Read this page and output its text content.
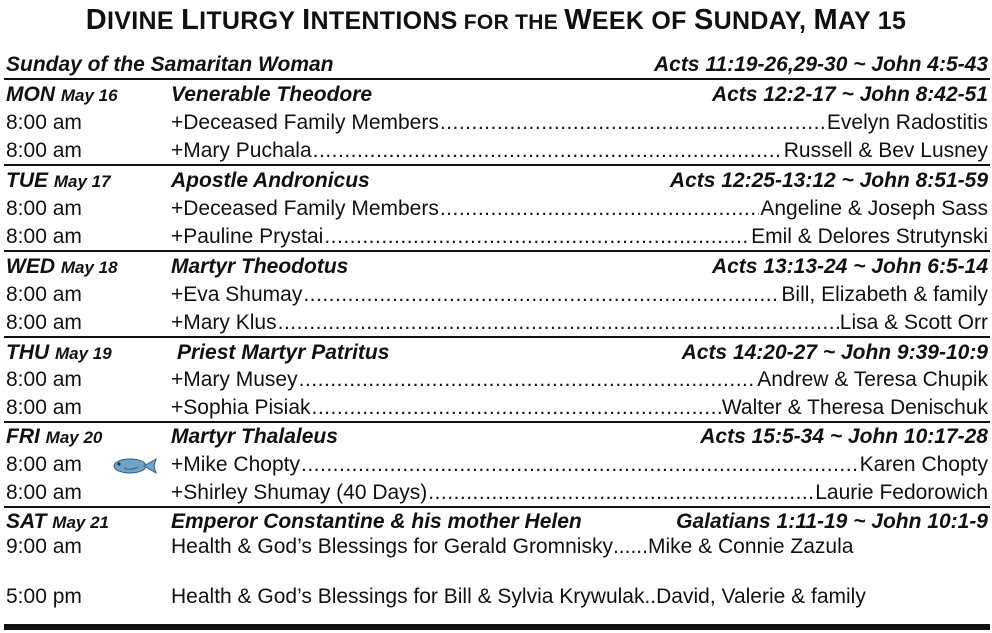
DIVINE LITURGY INTENTIONS FOR THE WEEK OF SUNDAY, MAY 15
Sunday of the Samaritan Woman	Acts 11:19-26,29-30 ~ John 4:5-43
MON May 16	Venerable Theodore	Acts 12:2-17 ~ John 8:42-51
8:00 am	+Deceased Family Members .....	Evelyn Radostitis
8:00 am	+Mary Puchala .....	Russell & Bev Lusney
TUE May 17	Apostle Andronicus	Acts 12:25-13:12 ~ John 8:51-59
8:00 am	+Deceased Family Members .....	Angeline & Joseph Sass
8:00 am	+Pauline Prystai .....	Emil & Delores Strutynski
WED May 18	Martyr Theodotus	Acts 13:13-24 ~ John 6:5-14
8:00 am	+Eva Shumay .....	Bill, Elizabeth & family
8:00 am	+Mary Klus .....	Lisa & Scott Orr
THU May 19	Priest Martyr Patritus	Acts 14:20-27 ~ John 9:39-10:9
8:00 am	+Mary Musey .....	Andrew & Teresa Chupik
8:00 am	+Sophia Pisiak .....	Walter & Theresa Denischuk
FRI May 20	Martyr Thalaleus	Acts 15:5-34 ~ John 10:17-28
8:00 am	+Mike Chopty .....	Karen Chopty
8:00 am	+Shirley Shumay (40 Days) .....	Laurie Fedorowich
SAT May 21	Emperor Constantine & his mother Helen	Galatians 1:11-19 ~ John 10:1-9
9:00 am	Health & God’s Blessings for Gerald Gromnisky ...... Mike & Connie Zazula
5:00 pm	Health & God’s Blessings for Bill & Sylvia Krywulak .. David, Valerie & family
